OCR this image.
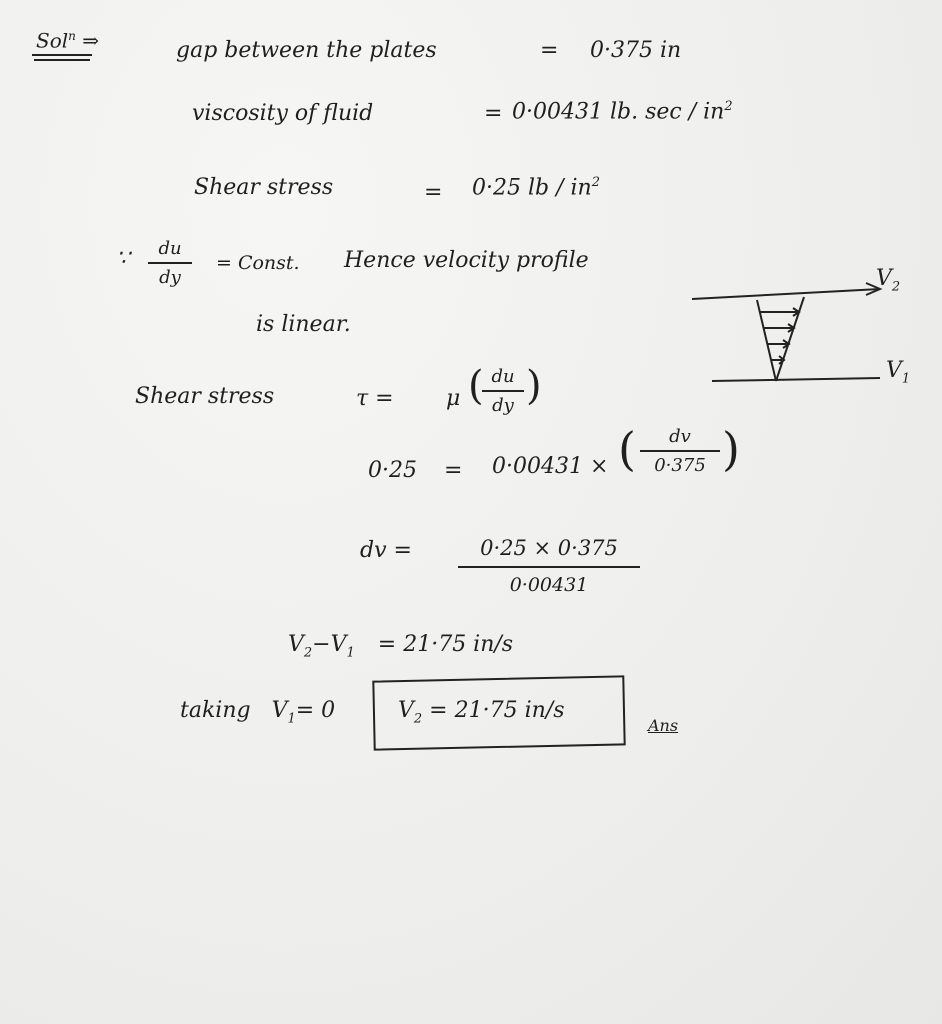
Sol$^n$ ⇒	gap between the plates	= 0·375 in
viscosity of fluid	= 0·00431 lb. sec / $in^2$
Shear stress	= 0·25 lb / $in^2$
∵	du
dy
= Const. Hence velocity profile
is linear.
Shear stress	τ = μ ( du
dy )
0·25 = 0·00431 × (	dv
0·375 )
dv =	0·25 × 0·375
0·00431
$V_2-V_1 = 21\cdot 75$ in/s
taking $V_1= 0$	$V_2 = 21\cdot 75$ in/s
Ans
$V_2$
$V_1$
